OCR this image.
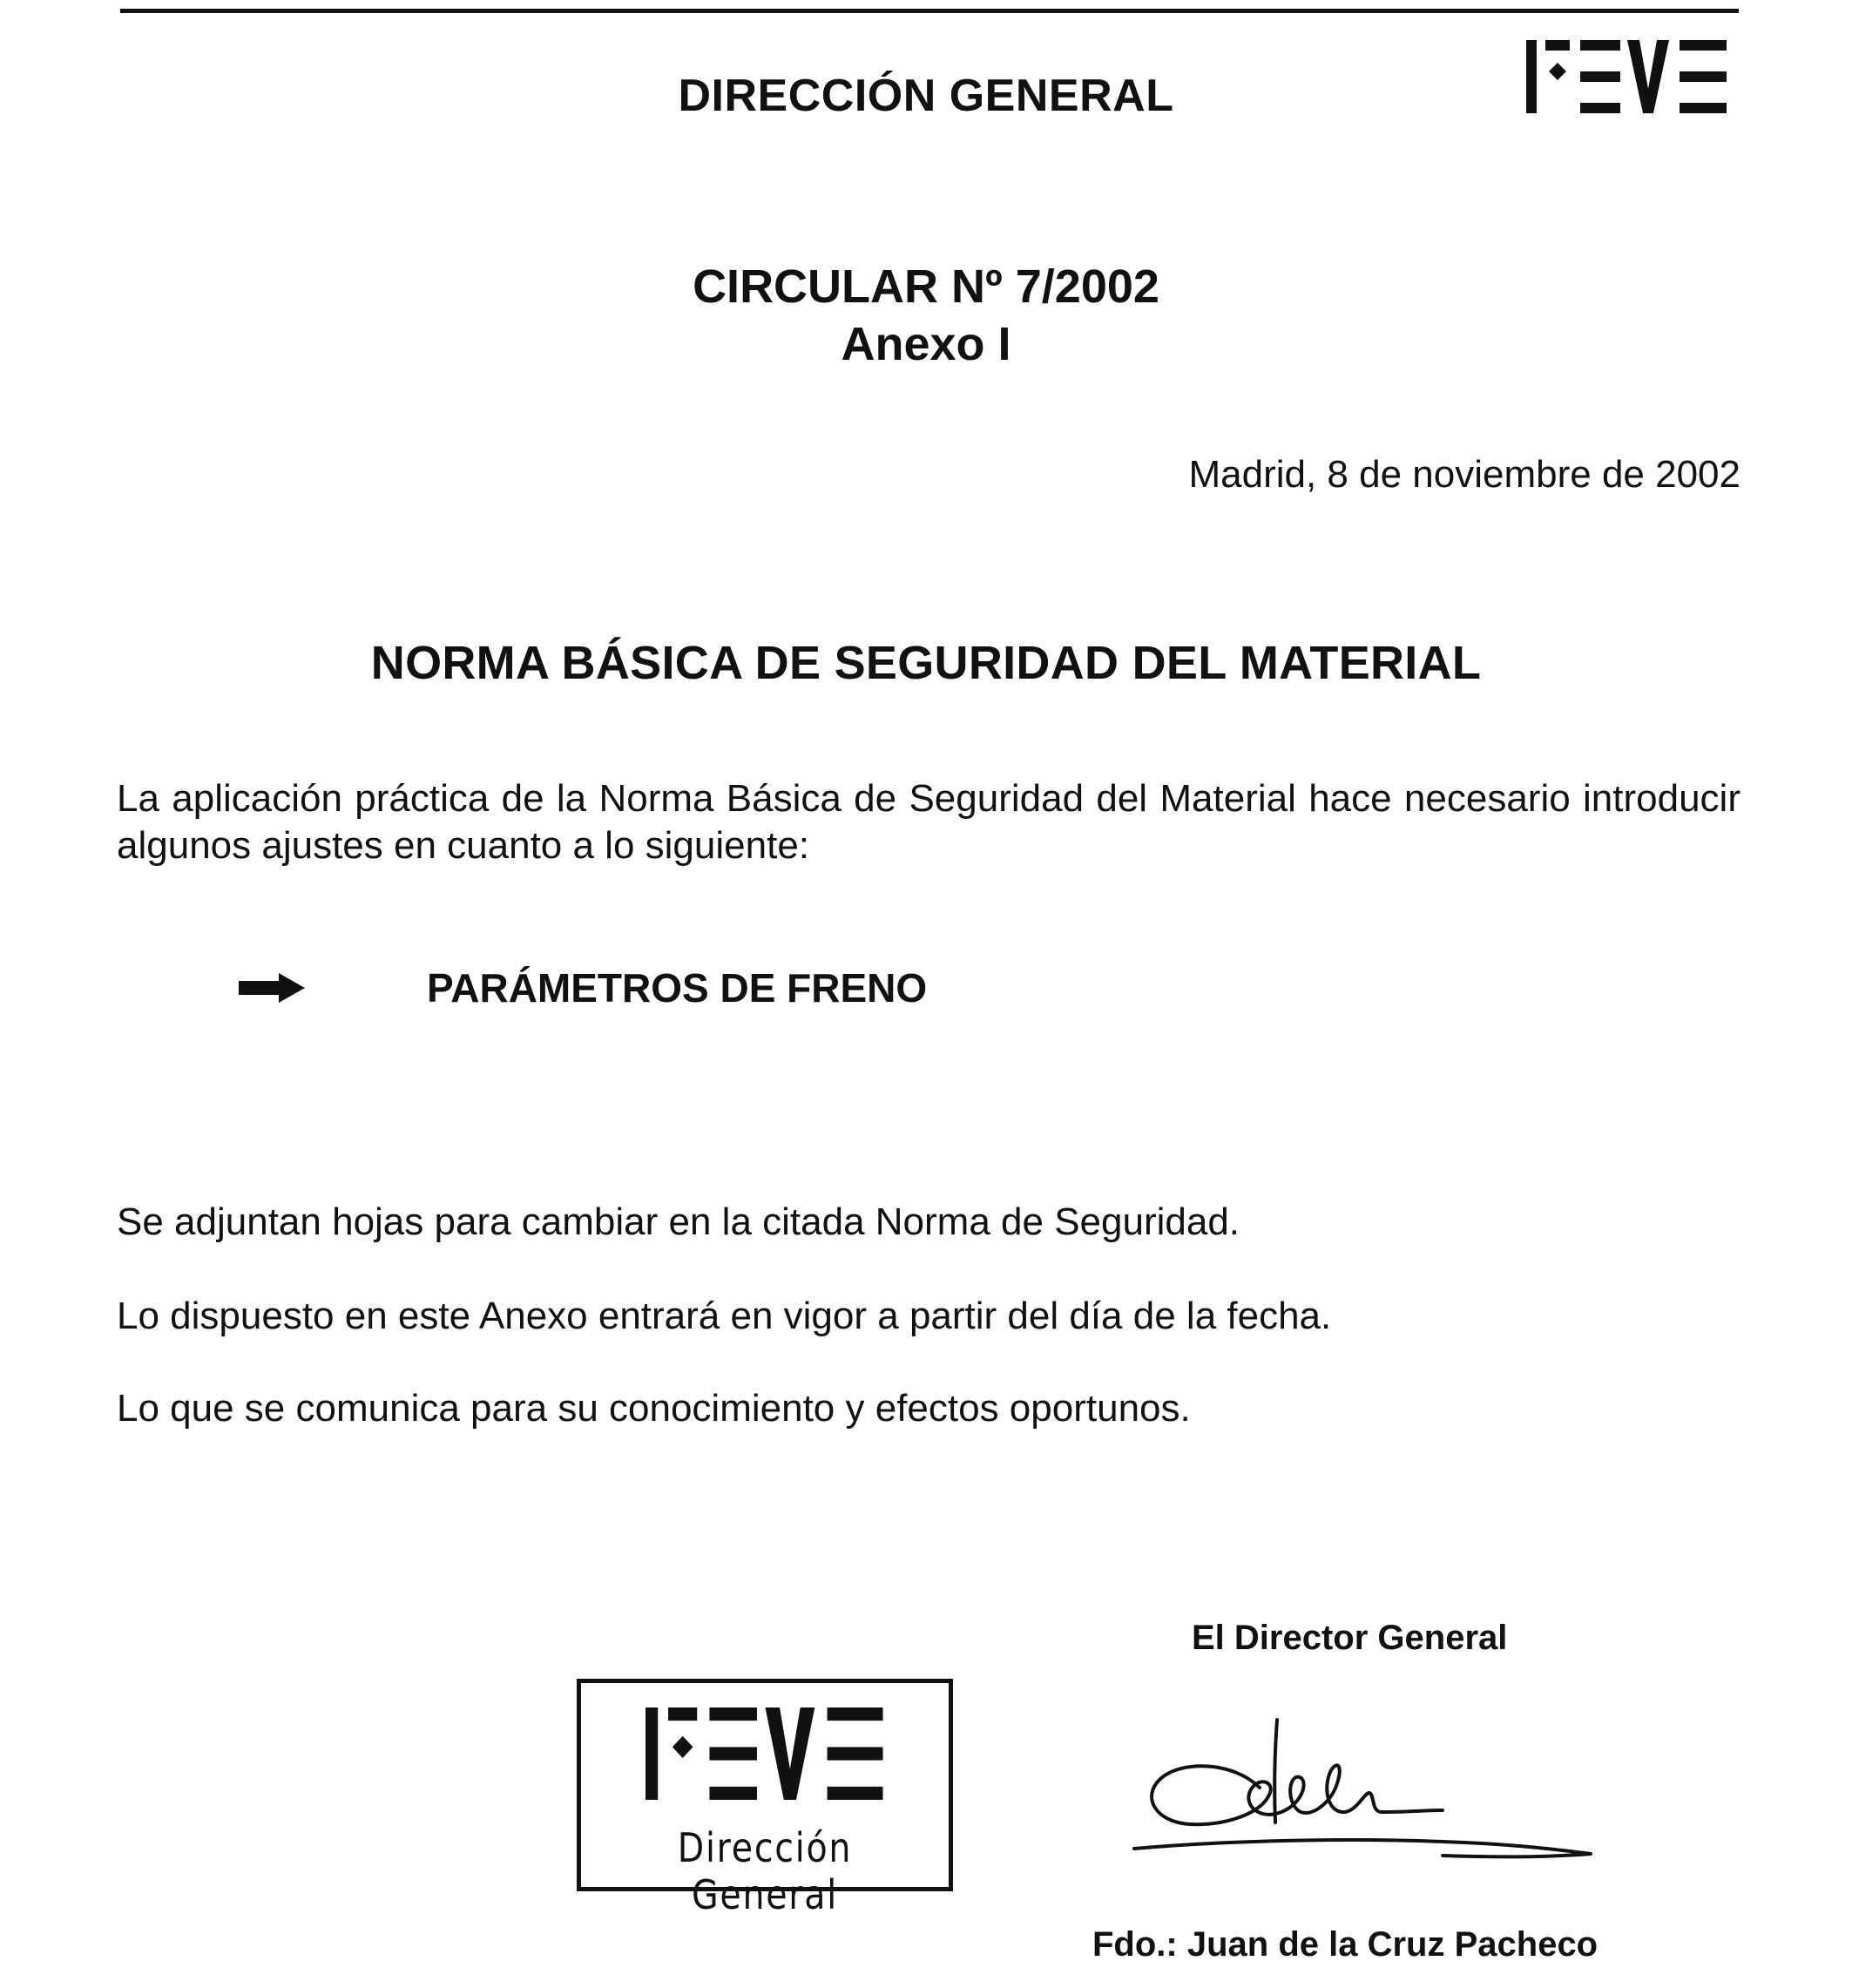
DIRECCIÓN GENERAL
CIRCULAR Nº 7/2002
Anexo I
Madrid, 8 de noviembre de 2002
NORMA BÁSICA DE SEGURIDAD DEL MATERIAL
La aplicación práctica de la Norma Básica de Seguridad del Material hace necesario introducir algunos ajustes en cuanto a lo siguiente:
PARÁMETROS DE FRENO
Se adjuntan hojas para cambiar en la citada Norma de Seguridad.
Lo dispuesto en este Anexo entrará en vigor a partir del día de la fecha.
Lo que se comunica para su conocimiento y efectos oportunos.
El Director General
Dirección General
Fdo.: Juan de la Cruz Pacheco
